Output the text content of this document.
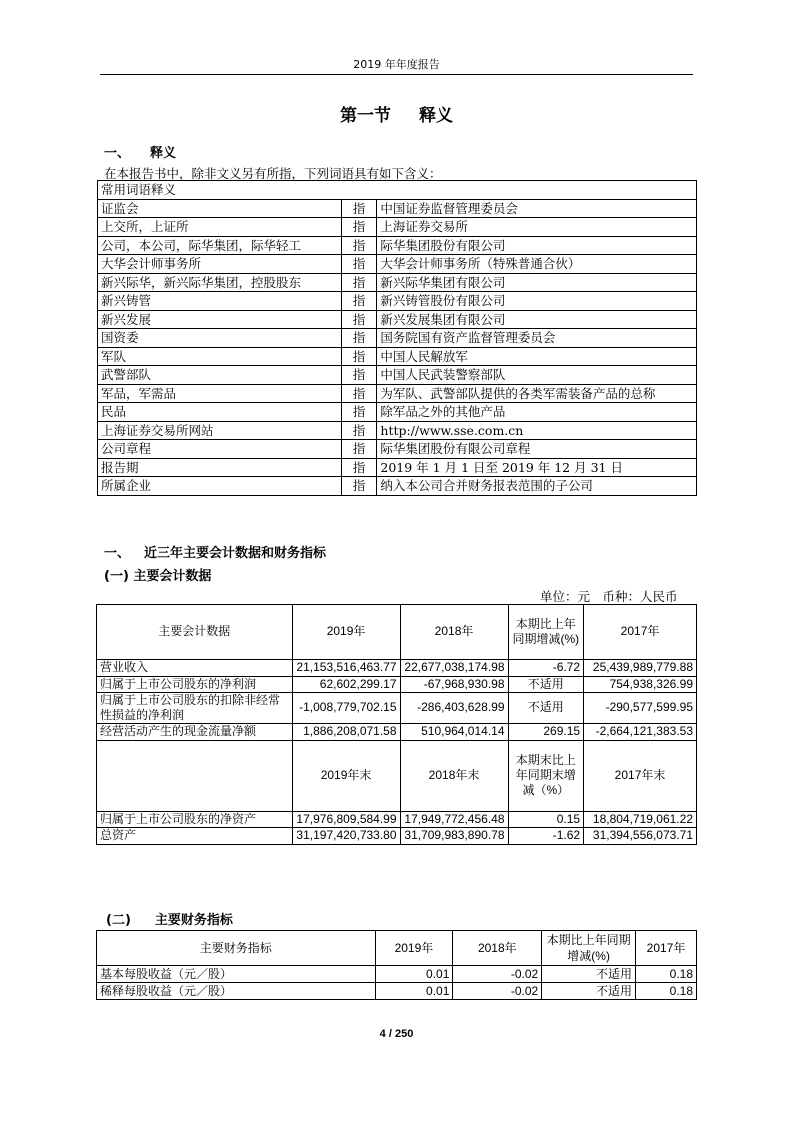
2019 年年度报告
第一节 释义
一、 释义
在本报告书中，除非文义另有所指，下列词语具有如下含义：
常用词语释义		
证监会	指	中国证券监督管理委员会
上交所，上证所	指	上海证券交易所
公司，本公司，际华集团，际华轻工	指	际华集团股份有限公司
大华会计师事务所	指	大华会计师事务所（特殊普通合伙）
新兴际华，新兴际华集团，控股股东	指	新兴际华集团有限公司
新兴铸管	指	新兴铸管股份有限公司
新兴发展	指	新兴发展集团有限公司
国资委	指	国务院国有资产监督管理委员会
军队	指	中国人民解放军
武警部队	指	中国人民武装警察部队
军品，军需品	指	为军队、武警部队提供的各类军需装备产品的总称
民品	指	除军品之外的其他产品
上海证券交易所网站	指	http://www.sse.com.cn
公司章程	指	际华集团股份有限公司章程
报告期	指	2019 年 1 月 1 日至 2019 年 12 月 31 日
所属企业	指	纳入本公司合并财务报表范围的子公司
一、 近三年主要会计数据和财务指标
(一) 主要会计数据
单位：元　币种：人民币
主要会计数据	2019年	2018年	本期比上年同期增减(%)	2017年
营业收入	21,153,516,463.77	22,677,038,174.98	-6.72	25,439,989,779.88
归属于上市公司股东的净利润	62,602,299.17	-67,968,930.98	不适用	754,938,326.99
归属于上市公司股东的扣除非经常性损益的净利润	-1,008,779,702.15	-286,403,628.99	不适用	-290,577,599.95
经营活动产生的现金流量净额	1,886,208,071.58	510,964,014.14	269.15	-2,664,121,383.53
	2019年末	2018年末	本期末比上年同期末增减（%）	2017年末
归属于上市公司股东的净资产	17,976,809,584.99	17,949,772,456.48	0.15	18,804,719,061.22
总资产	31,197,420,733.80	31,709,983,890.78	-1.62	31,394,556,073.71
(二) 主要财务指标
主要财务指标	2019年	2018年	本期比上年同期增减(%)	2017年
基本每股收益（元／股）	0.01	-0.02	不适用	0.18
稀释每股收益（元／股）	0.01	-0.02	不适用	0.18
4 / 250
